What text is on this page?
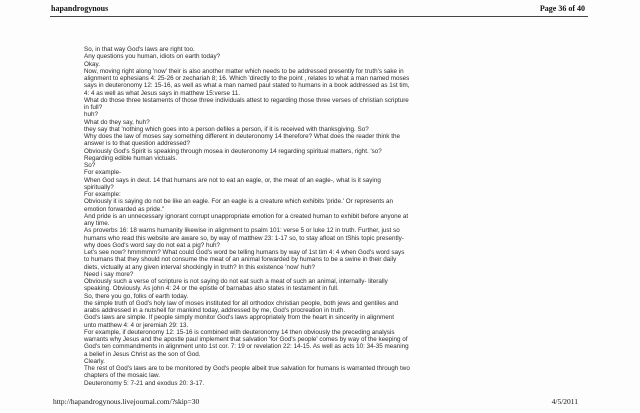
hapandrogynous	Page 36 of 40
So, in that way God's laws are right too.
Any questions you human, idiots on earth today?
Okay.
Now, moving right along 'now' their is also another matter which needs to be addressed presently for truth's sake in
alignment to ephesians 4: 25-26 or zechariah 8; 16. Which 'directly to the point , relates to what a man named moses
says in deuteronomy 12: 15-16, as well as what a man named paul stated to humans in a book addressed as 1st tim,
4: 4 as well as what Jesus says in matthew 15:verse 11.
What do those three testaments of those three individuals attest to regarding those three verses of christian scripture
in full?
huh?
What do they say, huh?
they say that 'nothing which goes into a person defiles a person, if it is received with thanksgiving. So?
Why does the law of moses say something different in deuteronomy 14 therefore? What does the reader think the
answer is to that question addressed?
Obviously God's Spirit is speaking through mosea in deuteronomy 14 regarding spiritual matters, right. 'so?
Regarding edible human victuals.
So?
For example-
When God says in deut. 14 that humans are not to eat an eagle, or, the meat of an eagle-, what is it saying
spiritually?
For example:
Obviously it is saying do not be like an eagle. For an eagle is a creature which exhibits 'pride.' Or represents an
emotion forwarded as pride."
And pride is an unnecessary ignorant corrupt unappropriate emotion for a created human to exhibit before anyone at
any time.
As proverbs 16: 18 warns humanity likewise in alignment to psalm 101: verse 5 or luke 12 in truth. Further, just so
humans who read this website are aware so, by way of matthew 23: 1-17 so, to stay afloat on tShis topic presently-
why does God's word say do not eat a pig? huh?
Let's see now? hmmmmm? What could God's word be telling humans by way of 1st tim 4: 4 when God's word says
to humans that they should not consume the meat of an animal forwarded by humans to be a swine in their daily
diets, victually at any given interval shockingly in truth? In this existence 'now' huh?
Need i say more?
Obviously such a verse of scripture is not saying do not eat such a meat of such an animal, internally- literally
speaking. Obviously. As john 4: 24 or the epistle of barnabas also states in testament in full.
So, there you go, folks of earth today.
the simple truth of God's holy law of moses instituted for all orthodox christian people, both jews and gentiles and
arabs addressed in a nutshell for mankind today, addressed by me, God's procreation in truth.
God's laws are simple. If people simply monitor God's laws appropriately from the heart in sincerity in alignment
unto matthew 4: 4 or jeremiah 29: 13.
For example, if deuteronomy 12: 15-16 is combined with deuteronomy 14 then obviously the preceding analysis
warrants why Jesus and the apostle paul implement that salvation 'for God's people' comes by way of the keeping of
God's ten commandments in alignment unto 1st cor. 7: 19 or revelation 22: 14-15. As well as acts 10: 34-35 meaning
a belief in Jesus Christ as the son of God.
Clearly.
The rest of God's laws are to be monitored by God's people albeit true salvation for humans is warranted through two
chapters of the mosaic law.
Deuteronomy 5: 7-21 and exodus 20: 3-17.
http://hapandrogynous.livejournal.com/?skip=30	4/5/2011
